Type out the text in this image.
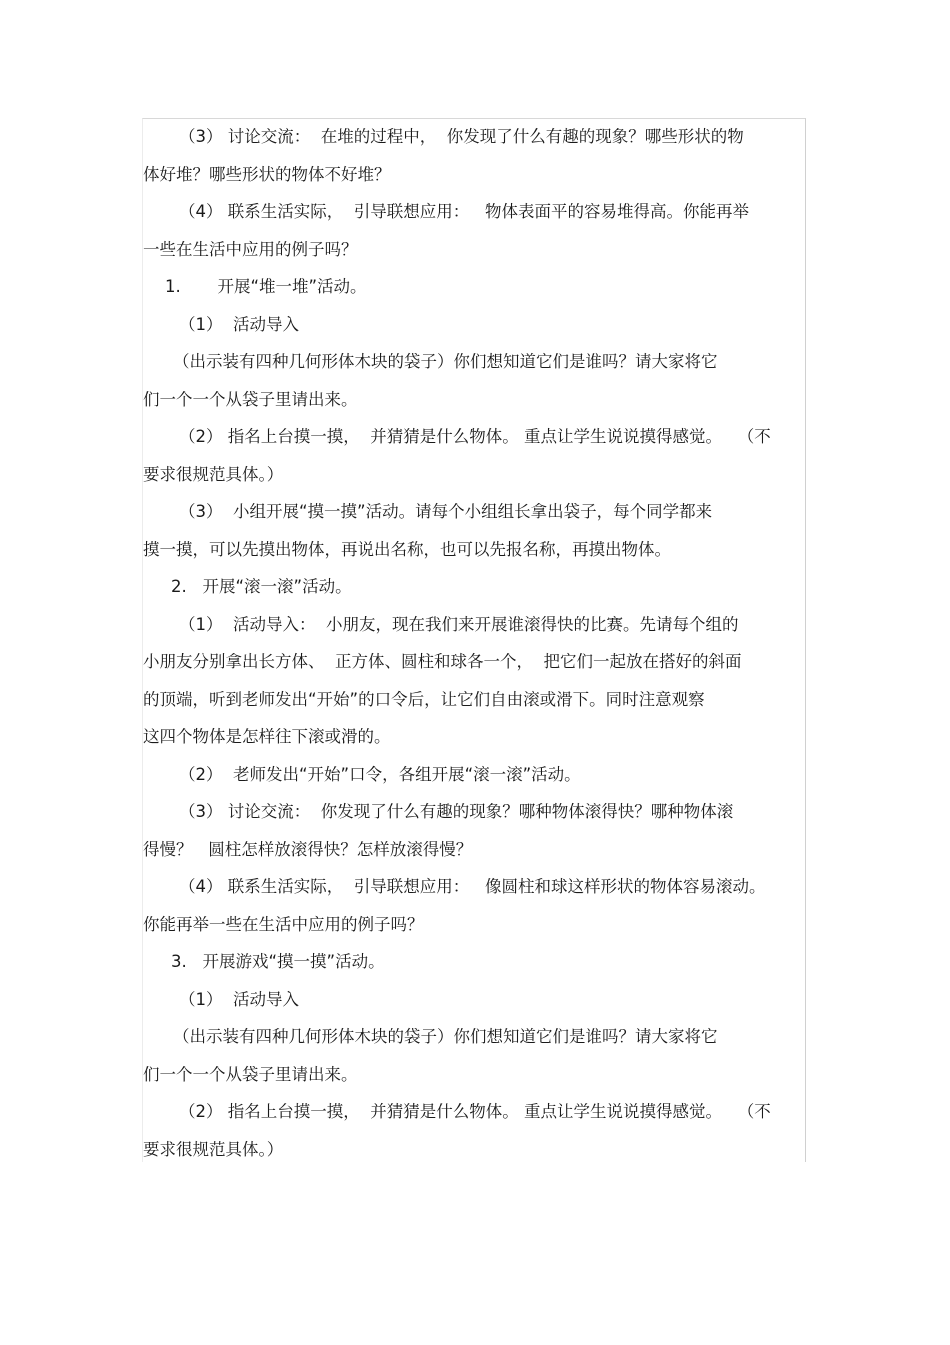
（3） 讨论交流：  在堆的过程中，  你发现了什么有趣的现象？哪些形状的物
体好堆？哪些形状的物体不好堆？
（4） 联系生活实际，  引导联想应用：   物体表面平的容易堆得高。你能再举
一些在生活中应用的例子吗？
1.       开展“堆一堆”活动。
（1）  活动导入
（出示装有四种几何形体木块的袋子）你们想知道它们是谁吗？请大家将它
们一个一个从袋子里请出来。
（2） 指名上台摸一摸，  并猜猜是什么物体。 重点让学生说说摸得感觉。   （不
要求很规范具体。）
（3）  小组开展“摸一摸”活动。请每个小组组长拿出袋子，每个同学都来
摸一摸，可以先摸出物体，再说出名称，也可以先报名称，再摸出物体。
2.   开展“滚一滚”活动。
（1）  活动导入：  小朋友，现在我们来开展谁滚得快的比赛。先请每个组的
小朋友分别拿出长方体、  正方体、圆柱和球各一个，  把它们一起放在搭好的斜面
的顶端，听到老师发出“开始”的口令后，让它们自由滚或滑下。同时注意观察
这四个物体是怎样往下滚或滑的。
（2）  老师发出“开始”口令，各组开展“滚一滚”活动。
（3） 讨论交流：  你发现了什么有趣的现象？哪种物体滚得快？哪种物体滚
得慢？   圆柱怎样放滚得快？怎样放滚得慢？
（4） 联系生活实际，  引导联想应用：   像圆柱和球这样形状的物体容易滚动。
你能再举一些在生活中应用的例子吗？
3.   开展游戏“摸一摸”活动。
（1）  活动导入
（出示装有四种几何形体木块的袋子）你们想知道它们是谁吗？请大家将它
们一个一个从袋子里请出来。
（2） 指名上台摸一摸，  并猜猜是什么物体。 重点让学生说说摸得感觉。   （不
要求很规范具体。）
